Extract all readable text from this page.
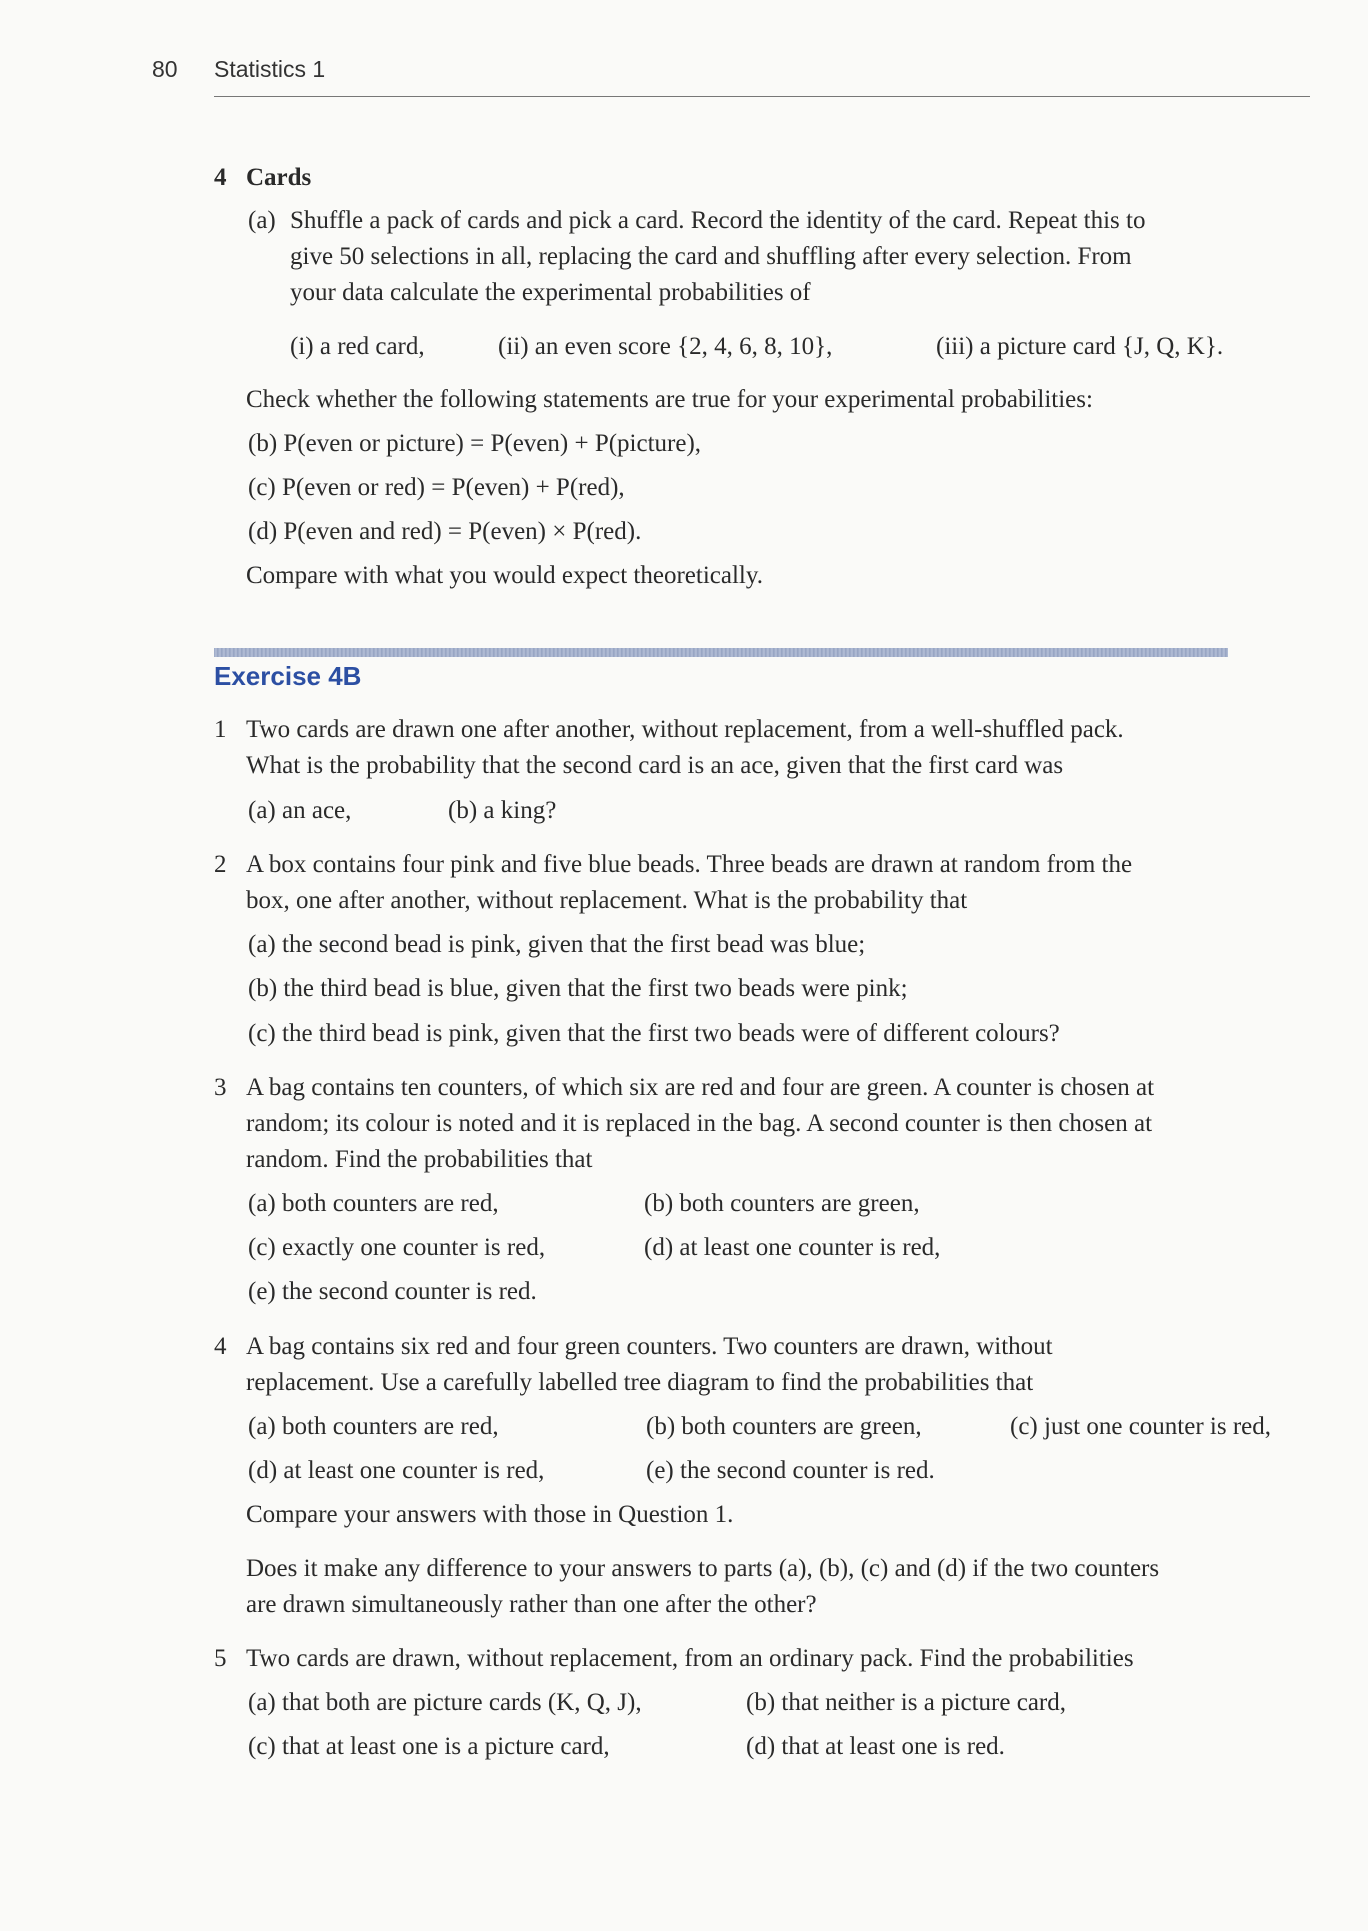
80 Statistics 1
4 Cards
(a) Shuffle a pack of cards and pick a card. Record the identity of the card. Repeat this to
give 50 selections in all, replacing the card and shuffling after every selection. From
your data calculate the experimental probabilities of
(i) a red card,	(ii) an even score {2, 4, 6, 8, 10},	(iii) a picture card {J, Q, K}.
Check whether the following statements are true for your experimental probabilities:
(b) P(even or picture) = P(even) + P(picture),
(c) P(even or red) = P(even) + P(red),
(d) P(even and red) = P(even) × P(red).
Compare with what you would expect theoretically.
Exercise 4B
1 Two cards are drawn one after another, without replacement, from a well-shuffled pack.
What is the probability that the second card is an ace, given that the first card was
(a) an ace,	(b) a king?
2 A box contains four pink and five blue beads. Three beads are drawn at random from the
box, one after another, without replacement. What is the probability that
(a) the second bead is pink, given that the first bead was blue;
(b) the third bead is blue, given that the first two beads were pink;
(c) the third bead is pink, given that the first two beads were of different colours?
3 A bag contains ten counters, of which six are red and four are green. A counter is chosen at
random; its colour is noted and it is replaced in the bag. A second counter is then chosen at
random. Find the probabilities that
(a) both counters are red,	(b) both counters are green,
(c) exactly one counter is red,	(d) at least one counter is red,
(e) the second counter is red.
4 A bag contains six red and four green counters. Two counters are drawn, without
replacement. Use a carefully labelled tree diagram to find the probabilities that
(a) both counters are red,	(b) both counters are green,	(c) just one counter is red,
(d) at least one counter is red,	(e) the second counter is red.
Compare your answers with those in Question 1.
Does it make any difference to your answers to parts (a), (b), (c) and (d) if the two counters
are drawn simultaneously rather than one after the other?
5 Two cards are drawn, without replacement, from an ordinary pack. Find the probabilities
(a) that both are picture cards (K, Q, J),	(b) that neither is a picture card,
(c) that at least one is a picture card,	(d) that at least one is red.
